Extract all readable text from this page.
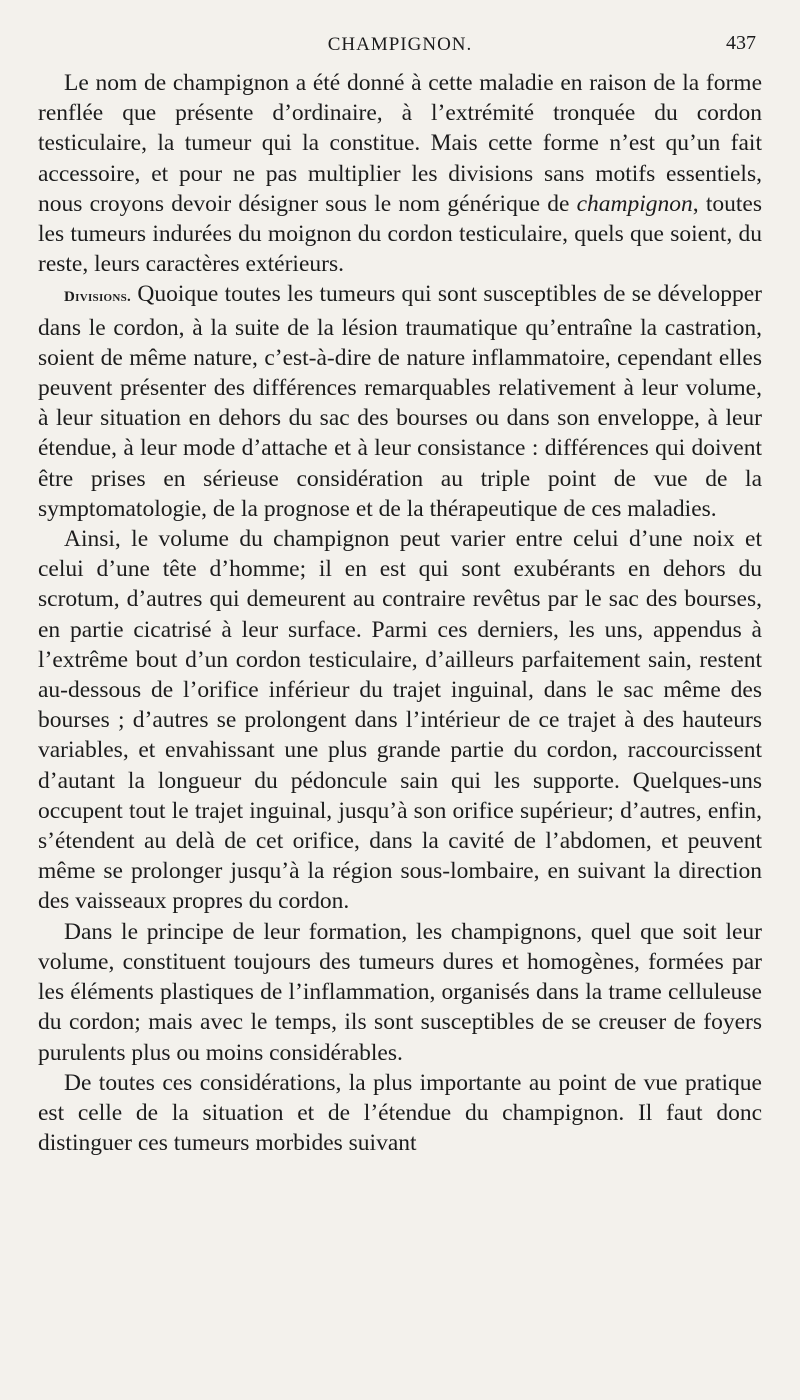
CHAMPIGNON.	437

Le nom de champignon a été donné à cette maladie en raison de la forme renflée que présente d’ordinaire, à l’extrémité tronquée du cordon testiculaire, la tumeur qui la constitue. Mais cette forme n’est qu’un fait accessoire, et pour ne pas multiplier les divisions sans motifs essentiels, nous croyons devoir désigner sous le nom générique de champignon, toutes les tumeurs indurées du moignon du cordon testiculaire, quels que soient, du reste, leurs caractères extérieurs.

Divisions. Quoique toutes les tumeurs qui sont susceptibles de se développer dans le cordon, à la suite de la lésion traumatique qu’entraîne la castration, soient de même nature, c’est-à-dire de nature inflammatoire, cependant elles peuvent présenter des différences remarquables relativement à leur volume, à leur situation en dehors du sac des bourses ou dans son enveloppe, à leur étendue, à leur mode d’attache et à leur consistance : différences qui doivent être prises en sérieuse considération au triple point de vue de la symptomatologie, de la prognose et de la thérapeutique de ces maladies.

Ainsi, le volume du champignon peut varier entre celui d’une noix et celui d’une tête d’homme; il en est qui sont exubérants en dehors du scrotum, d’autres qui demeurent au contraire revêtus par le sac des bourses, en partie cicatrisé à leur surface. Parmi ces derniers, les uns, appendus à l’extrême bout d’un cordon testiculaire, d’ailleurs parfaitement sain, restent au-dessous de l’orifice inférieur du trajet inguinal, dans le sac même des bourses ; d’autres se prolongent dans l’intérieur de ce trajet à des hauteurs variables, et envahissant une plus grande partie du cordon, raccourcissent d’autant la longueur du pédoncule sain qui les supporte. Quelques-uns occupent tout le trajet inguinal, jusqu’à son orifice supérieur; d’autres, enfin, s’étendent au delà de cet orifice, dans la cavité de l’abdomen, et peuvent même se prolonger jusqu’à la région sous-lombaire, en suivant la direction des vaisseaux propres du cordon.

Dans le principe de leur formation, les champignons, quel que soit leur volume, constituent toujours des tumeurs dures et homogènes, formées par les éléments plastiques de l’inflammation, organisés dans la trame celluleuse du cordon; mais avec le temps, ils sont susceptibles de se creuser de foyers purulents plus ou moins considérables.

De toutes ces considérations, la plus importante au point de vue pratique est celle de la situation et de l’étendue du champignon. Il faut donc distinguer ces tumeurs morbides suivant
